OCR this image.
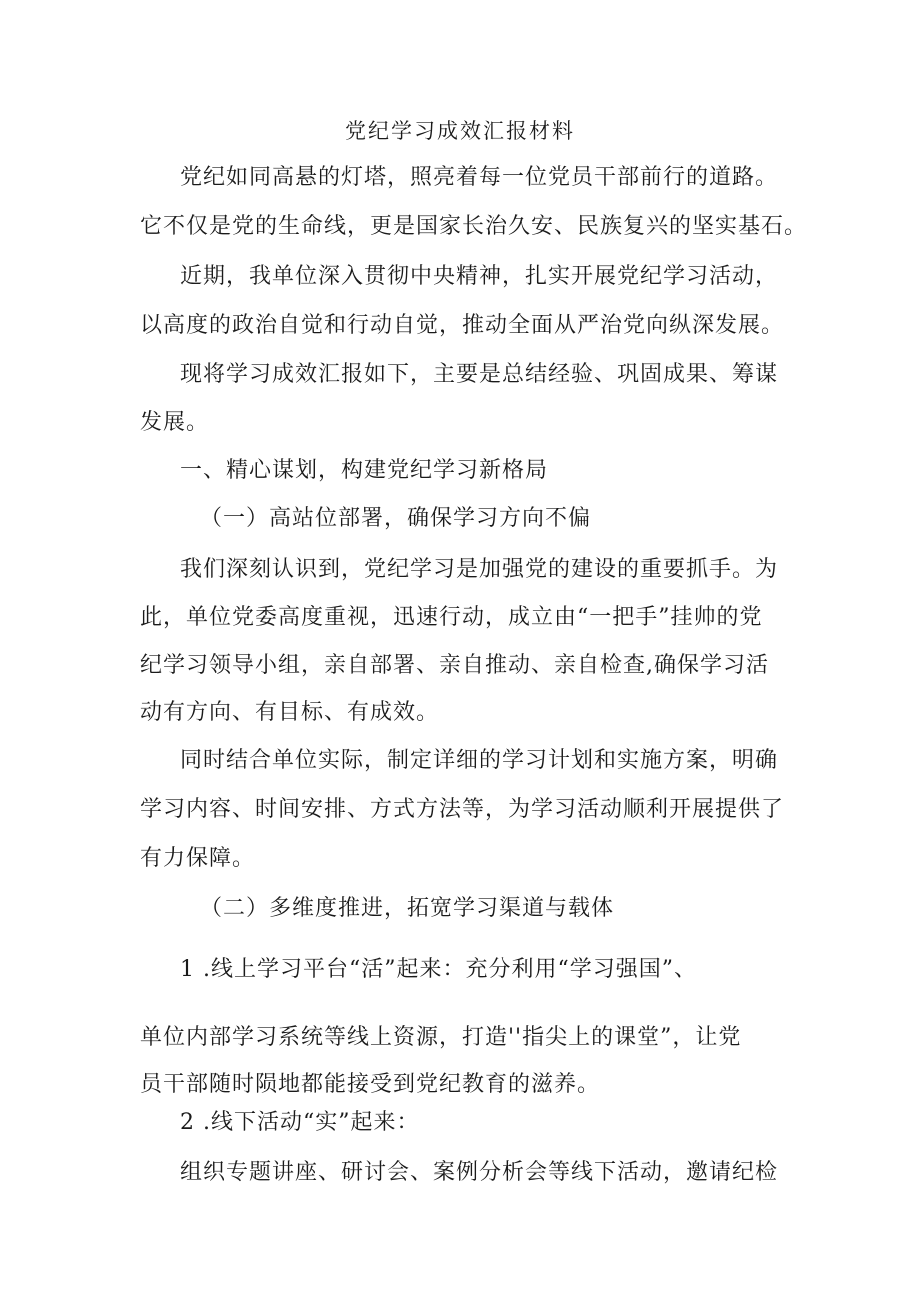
党纪学习成效汇报材料
党纪如同高悬的灯塔，照亮着每一位党员干部前行的道路。
它不仅是党的生命线，更是国家长治久安、民族复兴的坚实基石。
近期，我单位深入贯彻中央精神，扎实开展党纪学习活动，
以高度的政治自觉和行动自觉，推动全面从严治党向纵深发展。
现将学习成效汇报如下，主要是总结经验、巩固成果、筹谋
发展。
一、精心谋划，构建党纪学习新格局
（一）高站位部署，确保学习方向不偏
我们深刻认识到，党纪学习是加强党的建设的重要抓手。为
此，单位党委高度重视，迅速行动，成立由“一把手”挂帅的党
纪学习领导小组，亲自部署、亲自推动、亲自检查,确保学习活
动有方向、有目标、有成效。
同时结合单位实际，制定详细的学习计划和实施方案，明确
学习内容、时间安排、方式方法等，为学习活动顺利开展提供了
有力保障。
（二）多维度推进，拓宽学习渠道与载体
1 .线上学习平台“活”起来：充分利用“学习强国”、
单位内部学习系统等线上资源，打造''指尖上的课堂”，让党
员干部随时陨地都能接受到党纪教育的滋养。
2 .线下活动“实”起来：
组织专题讲座、研讨会、案例分析会等线下活动，邀请纪检
